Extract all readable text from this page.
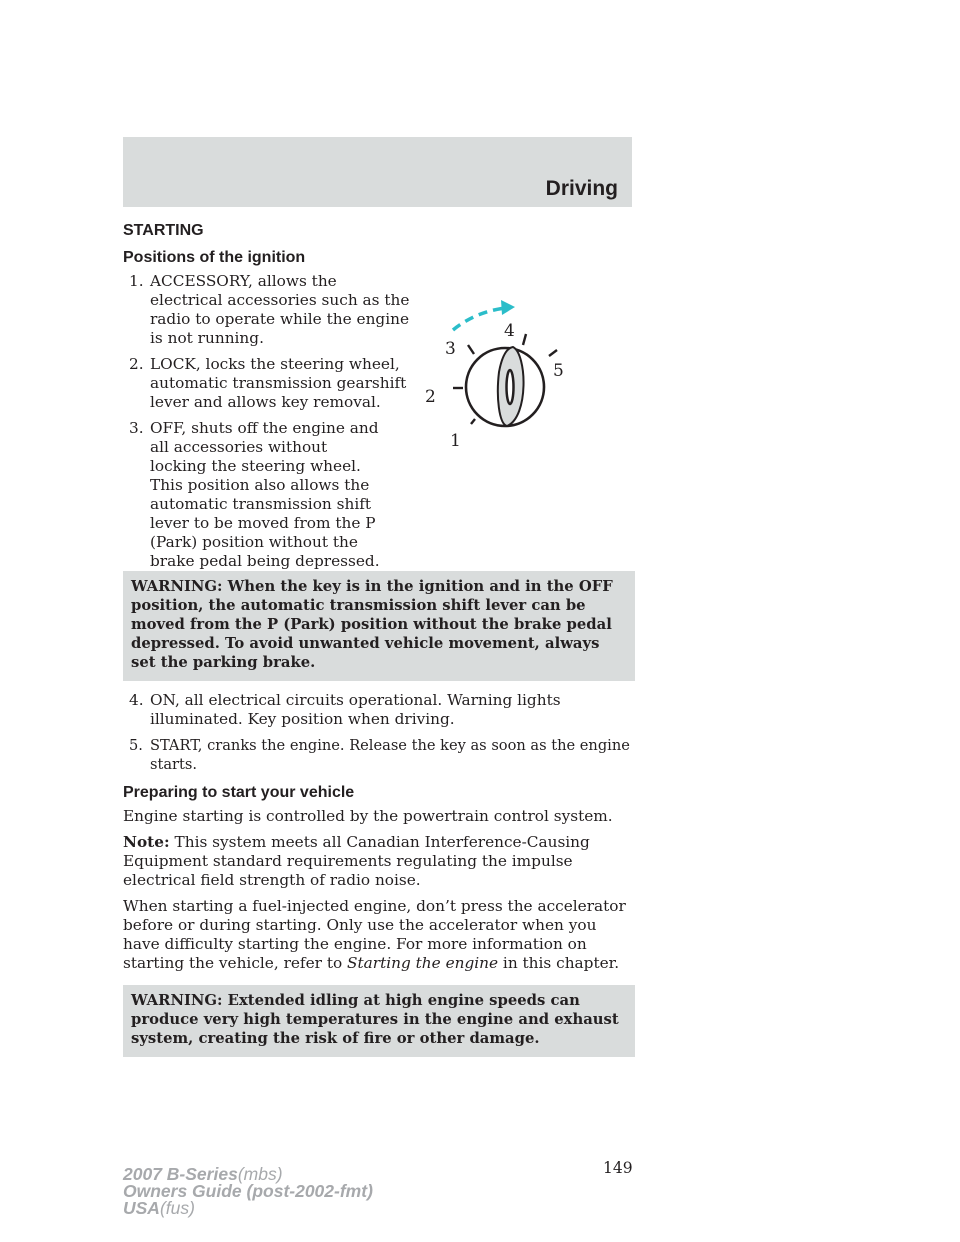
Driving
STARTING
Positions of the ignition
1. ACCESSORY, allows the electrical accessories such as the radio to operate while the engine is not running.
2. LOCK, locks the steering wheel, automatic transmission gearshift lever and allows key removal.
3. OFF, shuts off the engine and all accessories without locking the steering wheel. This position also allows the automatic transmission shift lever to be moved from the P (Park) position without the brake pedal being depressed.
WARNING: When the key is in the ignition and in the OFF position, the automatic transmission shift lever can be moved from the P (Park) position without the brake pedal depressed. To avoid unwanted vehicle movement, always set the parking brake.
4. ON, all electrical circuits operational. Warning lights illuminated. Key position when driving.
5. START, cranks the engine. Release the key as soon as the engine starts.
Preparing to start your vehicle
Engine starting is controlled by the powertrain control system.
Note: This system meets all Canadian Interference-Causing Equipment standard requirements regulating the impulse electrical field strength of radio noise.
When starting a fuel-injected engine, don’t press the accelerator before or during starting. Only use the accelerator when you have difficulty starting the engine. For more information on starting the vehicle, refer to Starting the engine in this chapter.
WARNING: Extended idling at high engine speeds can produce very high temperatures in the engine and exhaust system, creating the risk of fire or other damage.
1
2
3
4
5
149
2007 B-Series(mbs)
Owners Guide (post-2002-fmt)
USA(fus)
